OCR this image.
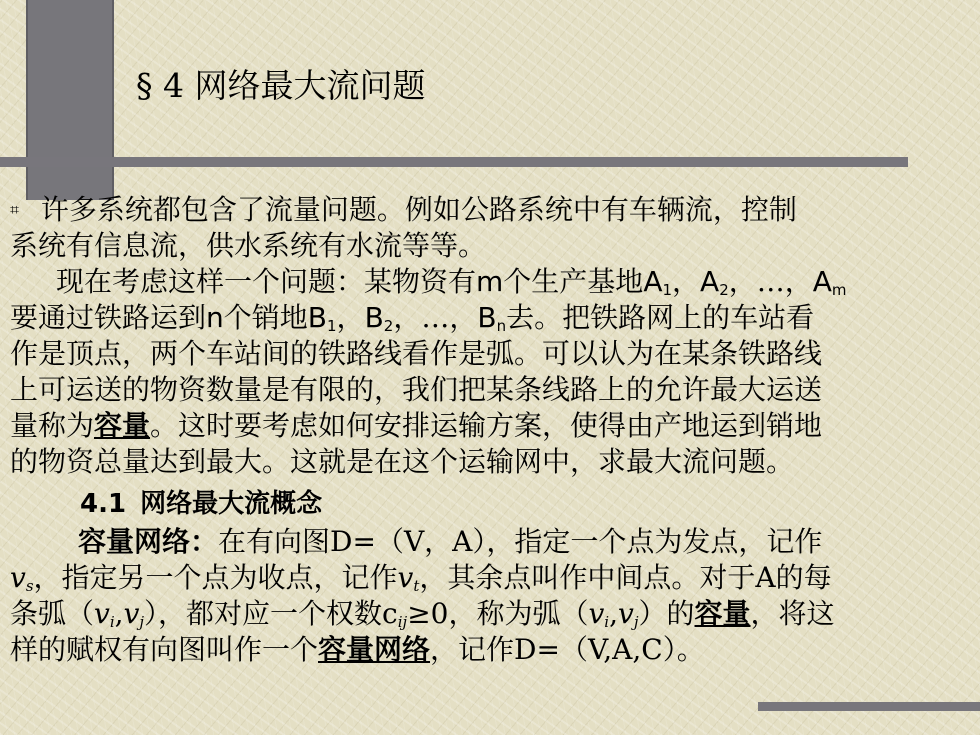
§ 4 网络最大流问题

⌗ 许多系统都包含了流量问题。例如公路系统中有车辆流，控制
系统有信息流，供水系统有水流等等。

现在考虑这样一个问题：某物资有m个生产基地$A_1$，$A_2$，…，$A_m$
要通过铁路运到n个销地$B_1$，$B_2$，…，$B_n$去。把铁路网上的车站看
作是顶点，两个车站间的铁路线看作是弧。可以认为在某条铁路线
上可运送的物资数量是有限的，我们把某条线路上的允许最大运送
量称为容量。这时要考虑如何安排运输方案，使得由产地运到销地
的物资总量达到最大。这就是在这个运输网中，求最大流问题。

4.1 网络最大流概念

容量网络：在有向图D=（V，A），指定一个点为发点，记作
$v_s$，指定另一个点为收点，记作$v_t$，其余点叫作中间点。对于A的每
条弧$(v_i,v_j)$，都对应一个权数$c_{ij}\ge 0$，称为弧$(v_i,v_j)$的容量，将这
样的赋权有向图叫作一个容量网络，记作D=（V,A,C）。
